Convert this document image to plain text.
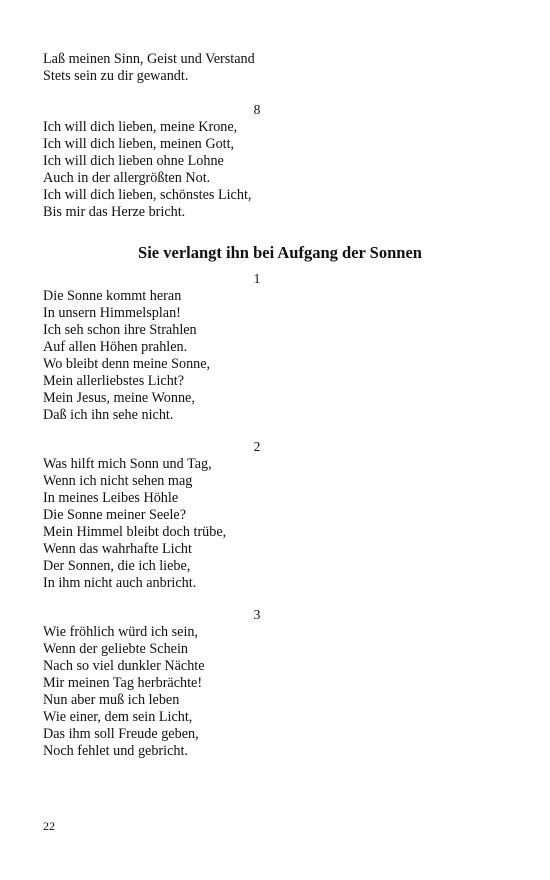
Laß meinen Sinn, Geist und Verstand
Stets sein zu dir gewandt.
8
Ich will dich lieben, meine Krone,
Ich will dich lieben, meinen Gott,
Ich will dich lieben ohne Lohne
Auch in der allergrößten Not.
Ich will dich lieben, schönstes Licht,
Bis mir das Herze bricht.
Sie verlangt ihn bei Aufgang der Sonnen
1
Die Sonne kommt heran
In unsern Himmelsplan!
Ich seh schon ihre Strahlen
Auf allen Höhen prahlen.
Wo bleibt denn meine Sonne,
Mein allerliebstes Licht?
Mein Jesus, meine Wonne,
Daß ich ihn sehe nicht.
2
Was hilft mich Sonn und Tag,
Wenn ich nicht sehen mag
In meines Leibes Höhle
Die Sonne meiner Seele?
Mein Himmel bleibt doch trübe,
Wenn das wahrhafte Licht
Der Sonnen, die ich liebe,
In ihm nicht auch anbricht.
3
Wie fröhlich würd ich sein,
Wenn der geliebte Schein
Nach so viel dunkler Nächte
Mir meinen Tag herbrächte!
Nun aber muß ich leben
Wie einer, dem sein Licht,
Das ihm soll Freude geben,
Noch fehlet und gebricht.
22
